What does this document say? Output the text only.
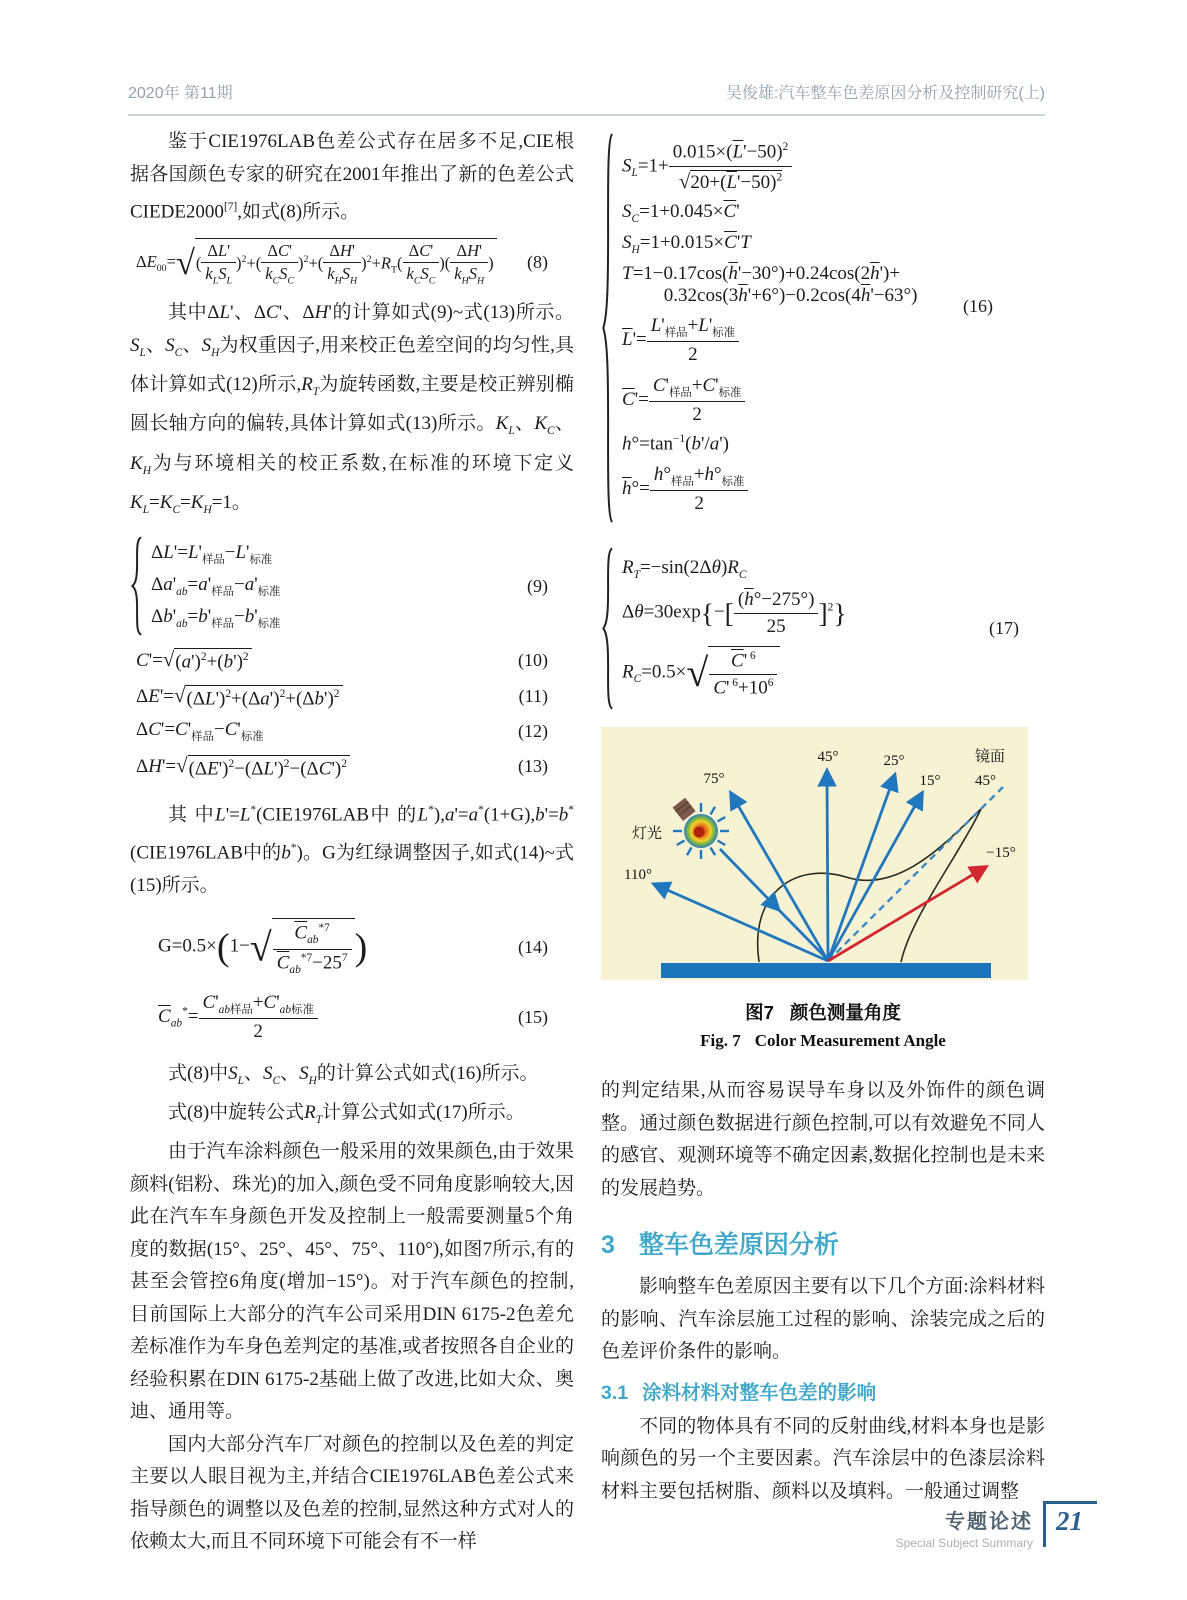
2020年 第11期	吴俊雄:汽车整车色差原因分析及控制研究(上)

鉴于CIE1976LAB色差公式存在居多不足,CIE根据各国颜色专家的研究在2001年推出了新的色差公式CIEDE2000[7],如式(8)所示。

$\Delta E_{00}=√( \frac{\Delta L'}{k_LS_L} )^2+( \frac{\Delta C'}{k_CS_C} )^2+( \frac{\Delta H'}{k_HS_H} )^2+R_T( \frac{\Delta C'}{k_CS_C}$ )( $\frac{\Delta H'}{k_HS_H}$ )	(8)

其中ΔL'、ΔC'、ΔH'的计算如式(9)~式(13)所示。$S_L$、$S_C$、$S_H$为权重因子,用来校正色差空间的均匀性,具体计算如式(12)所示$,R_T$为旋转函数,主要是校正辨别椭圆长轴方向的偏转,具体计算如式(13)所示。$K_L$、$K_C$、$K_H$为与环境相关的校正系数,在标准的环境下定义$K_L=K_C=K_H=1$。

$\Delta L'=L'_{样品}-L'_{标准}$
$\Delta a'_{ab}=a'_{样品}-a'_{标准}$
$\Delta b'_{ab}=b'_{样品}-b'_{标准}$
(9)
$C'=√(a')^2+(b')^2$	(10)
$\Delta E'=√(\Delta L')^2+(\Delta a')^2+(\Delta b')^2$	(11)
$\Delta C'=C'_{样品}-C'_{标准}$	(12)
$\Delta H'=√(\Delta E')^2-(\Delta L')^2-(\Delta C')^2$	(13)

其 中L'=L*(CIE1976LAB中 的L*),a'=a*(1+G),b'=b*(CIE1976LAB中的b*)。G为红绿调整因子,如式(14)~式(15)所示。

$G=0.5\times(1-√ \frac{C_{ab}^{*7}}{\overline{C}_{ab}^{*7}-25^7}$ )	(14)
$\overline{C}_{ab}^*= \frac{C'_{ab样品}+C'_{ab标准}}{2}$	(15)

式(8)中$S_L$、$S_C$、$S_H$的计算公式如式(16)所示。

式(8)中旋转公式$R_T$计算公式如式(17)所示。

由于汽车涂料颜色一般采用的效果颜色,由于效果颜料(铝粉、珠光)的加入,颜色受不同角度影响较大,因此在汽车车身颜色开发及控制上一般需要测量5个角度的数据(15°、25°、45°、75°、110°),如图7所示,有的甚至会管控6角度(增加−15°)。对于汽车颜色的控制,目前国际上大部分的汽车公司采用DIN 6175-2色差允差标准作为车身色差判定的基准,或者按照各自企业的经验积累在DIN 6175-2基础上做了改进,比如大众、奥迪、通用等。

国内大部分汽车厂对颜色的控制以及色差的判定主要以人眼目视为主,并结合CIE1976LAB色差公式来指导颜色的调整以及色差的控制,显然这种方式对人的依赖太大,而且不同环境下可能会有不一样

$S_L=1+ \frac{0.015\times(\overline{L}'-50)^2}{√20+(\overline{L}'-50)^2}$
$S_C=1+0.045\times\overline{C}'$
$S_H=1+0.015\times\overline{C}'T$
$T=1-0.17\cos(\overline{h}'-30^\circ)+0.24\cos(2\overline{h}')+$
$0.32\cos(3\overline{h}'+6^\circ)-0.2\cos(4\overline{h}'-63^\circ)$
$\overline{L}'= \frac{L'_{样品}+L'_{标准}}{2}$
$\overline{C}'= \frac{C'_{样品}+C'_{标准}}{2}$
$h^\circ=\tan^{-1}(b'/a')$
$\overline{h}^\circ= \frac{h^\circ_{样品}+h^\circ_{标准}}{2}$
(16)
$R_T=-\sin(2\Delta\theta)R_C$
$\Delta\theta=30\exp\{-[ \frac{(\overline{h}^\circ-275^\circ)}{25} ]^2\}$
$R_C=0.5\times√ \frac{C' ^6}{C' ^6+10^6}$
(17)
110°
75°
45°	25°
15°
镜面
45°
−15°
灯光
图7 颜色测量角度
Fig. 7 Color Measurement Angle

的判定结果,从而容易误导车身以及外饰件的颜色调整。通过颜色数据进行颜色控制,可以有效避免不同人的感官、观测环境等不确定因素,数据化控制也是未来的发展趋势。

3 整车色差原因分析

影响整车色差原因主要有以下几个方面:涂料材料的影响、汽车涂层施工过程的影响、涂装完成之后的色差评价条件的影响。

3.1 涂料材料对整车色差的影响

不同的物体具有不同的反射曲线,材料本身也是影响颜色的另一个主要因素。汽车涂层中的色漆层涂料材料主要包括树脂、颜料以及填料。一般通过调整

专题论述
Special Subject Summary
21
